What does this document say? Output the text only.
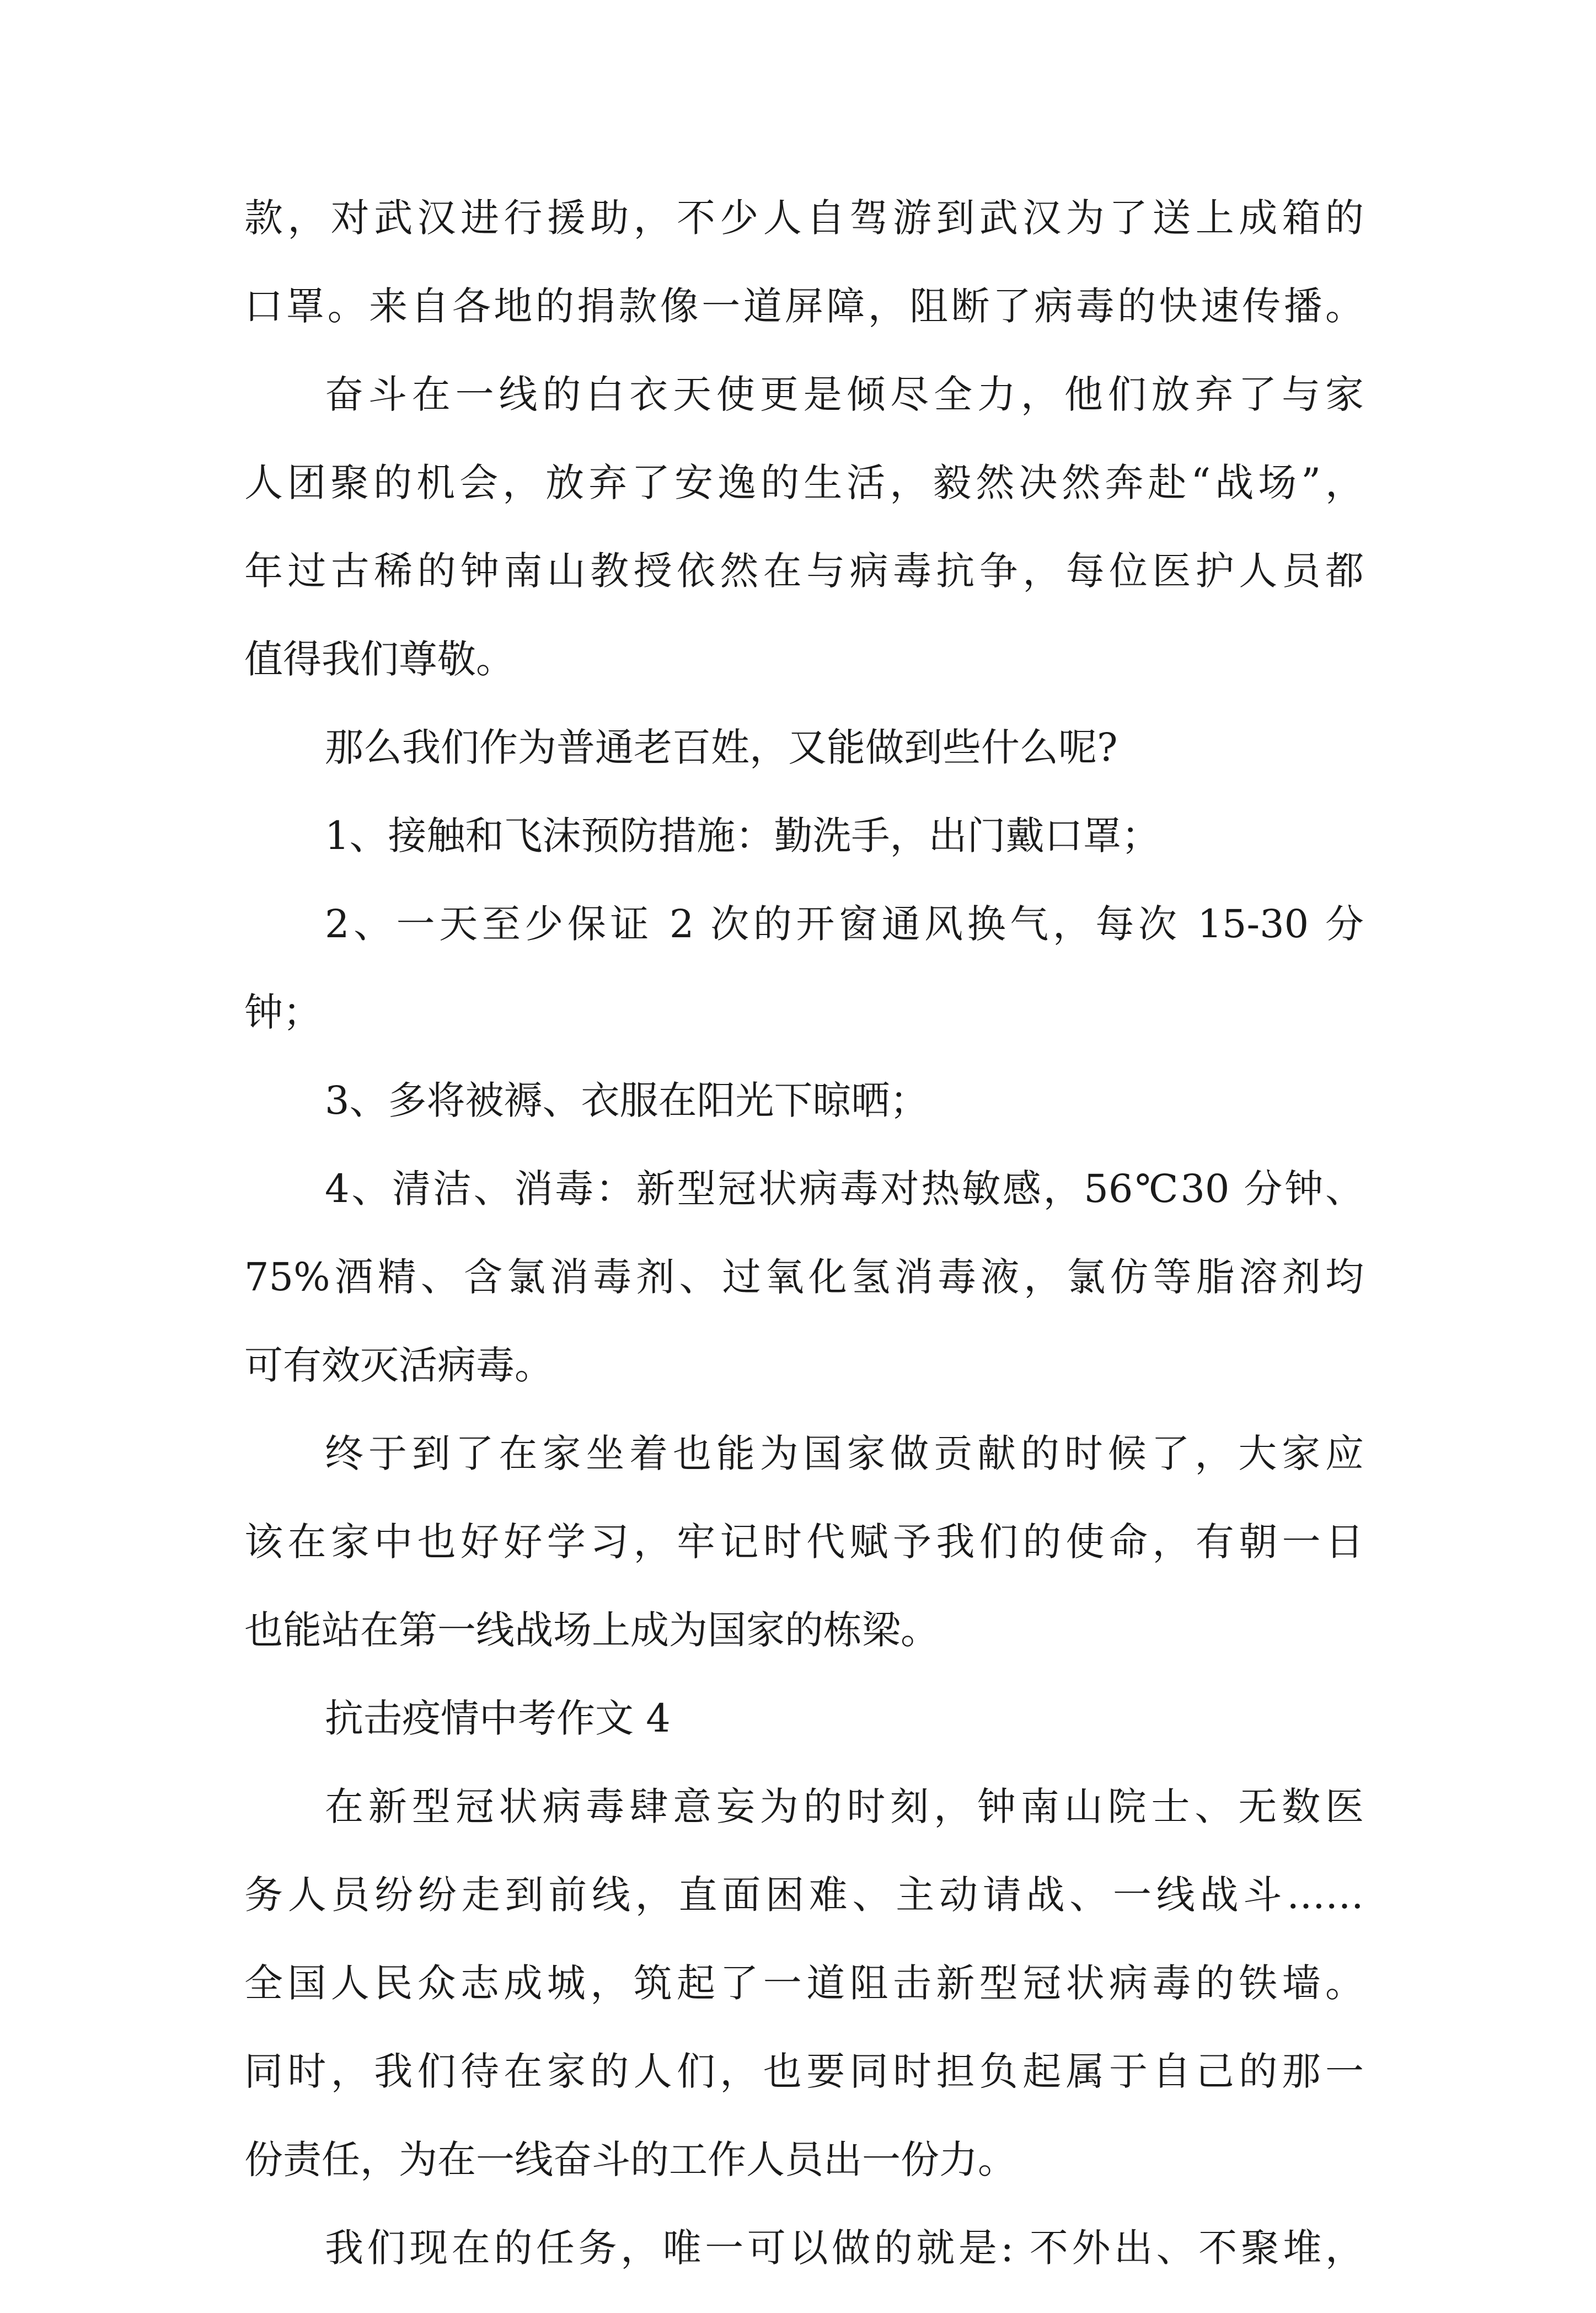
款，对武汉进行援助，不少人自驾游到武汉为了送上成箱的
口罩。来自各地的捐款像一道屏障，阻断了病毒的快速传播。
奋斗在一线的白衣天使更是倾尽全力，他们放弃了与家
人团聚的机会，放弃了安逸的生活，毅然决然奔赴“战场”，
年过古稀的钟南山教授依然在与病毒抗争，每位医护人员都
值得我们尊敬。
那么我们作为普通老百姓，又能做到些什么呢?
1、接触和飞沫预防措施：勤洗手，出门戴口罩；
2、一天至少保证 2 次的开窗通风换气，每次 15-30 分
钟；
3、多将被褥、衣服在阳光下晾晒；
4、清洁、消毒：新型冠状病毒对热敏感，56℃30 分钟、
75%酒精、含氯消毒剂、过氧化氢消毒液，氯仿等脂溶剂均
可有效灭活病毒。
终于到了在家坐着也能为国家做贡献的时候了，大家应
该在家中也好好学习，牢记时代赋予我们的使命，有朝一日
也能站在第一线战场上成为国家的栋梁。
抗击疫情中考作文 4
在新型冠状病毒肆意妄为的时刻，钟南山院士、无数医
务人员纷纷走到前线，直面困难、主动请战、一线战斗……
全国人民众志成城，筑起了一道阻击新型冠状病毒的铁墙。
同时，我们待在家的人们，也要同时担负起属于自己的那一
份责任，为在一线奋斗的工作人员出一份力。
我们现在的任务，唯一可以做的就是: 不外出、不聚堆，
